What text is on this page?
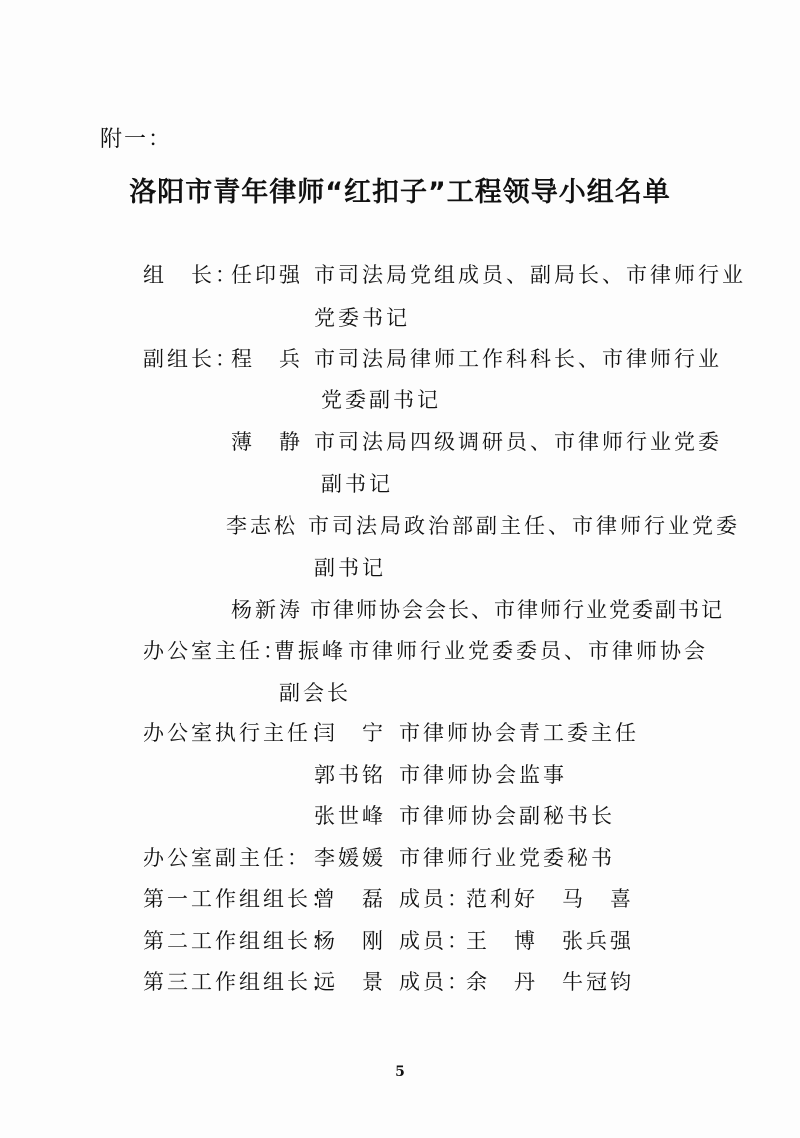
附一：
洛阳市青年律师“红扣子”工程领导小组名单
组　长：
任印强 市司法局党组成员、副局长、市律师行业
党委书记
副组长：
程　兵 市司法局律师工作科科长、市律师行业
党委副书记
薄　静 市司法局四级调研员、市律师行业党委
副书记
李志松 市司法局政治部副主任、市律师行业党委
副书记
杨新涛 市律师协会会长、市律师行业党委副书记
办公室主任：
曹振峰 市律师行业党委委员、市律师协会
副会长
办公室执行主任：
闫　宁 市律师协会青工委主任
郭书铭 市律师协会监事
张世峰 市律师协会副秘书长
办公室副主任： 李媛媛 市律师行业党委秘书
第一工作组组长：
曾　磊 成员：
范利好　马　喜
第二工作组组长：
杨　刚 成员：
王　博　张兵强
第三工作组组长：
远　景 成员：
余　丹　牛冠钧
5
